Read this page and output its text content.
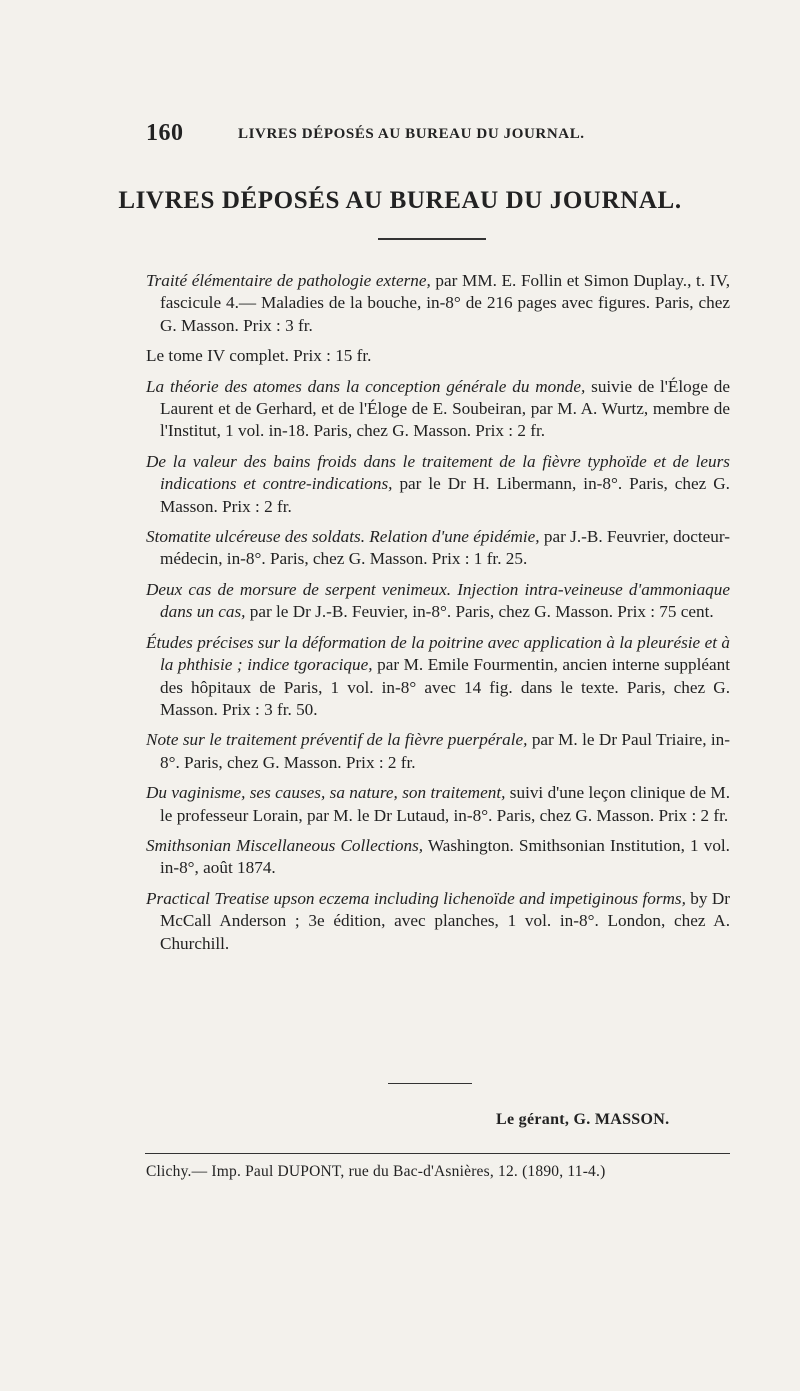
160	LIVRES DÉPOSÉS AU BUREAU DU JOURNAL.
LIVRES DÉPOSÉS AU BUREAU DU JOURNAL.

Traité élémentaire de pathologie externe, par MM. E. Follin et Simon Duplay., t. IV, fascicule 4.— Maladies de la bouche, in-8° de 216 pages avec figures. Paris, chez G. Masson. Prix : 3 fr.

Le tome IV complet. Prix : 15 fr.

La théorie des atomes dans la conception générale du monde, suivie de l'Éloge de Laurent et de Gerhard, et de l'Éloge de E. Soubeiran, par M. A. Wurtz, membre de l'Institut, 1 vol. in-18. Paris, chez G. Masson. Prix : 2 fr.

De la valeur des bains froids dans le traitement de la fièvre typhoïde et de leurs indications et contre-indications, par le Dr H. Libermann, in-8°. Paris, chez G. Masson. Prix : 2 fr.

Stomatite ulcéreuse des soldats. Relation d'une épidémie, par J.-B. Feuvrier, docteur-médecin, in-8°. Paris, chez G. Masson. Prix : 1 fr. 25.

Deux cas de morsure de serpent venimeux. Injection intra-veineuse d'ammoniaque dans un cas, par le Dr J.-B. Feuvier, in-8°. Paris, chez G. Masson. Prix : 75 cent.

Études précises sur la déformation de la poitrine avec application à la pleurésie et à la phthisie ; indice tgoracique, par M. Emile Fourmentin, ancien interne suppléant des hôpitaux de Paris, 1 vol. in-8° avec 14 fig. dans le texte. Paris, chez G. Masson. Prix : 3 fr. 50.

Note sur le traitement préventif de la fièvre puerpérale, par M. le Dr Paul Triaire, in-8°. Paris, chez G. Masson. Prix : 2 fr.

Du vaginisme, ses causes, sa nature, son traitement, suivi d'une leçon clinique de M. le professeur Lorain, par M. le Dr Lutaud, in-8°. Paris, chez G. Masson. Prix : 2 fr.

Smithsonian Miscellaneous Collections, Washington. Smithsonian Institution, 1 vol. in-8°, août 1874.

Practical Treatise upson eczema including lichenoïde and impetiginous forms, by Dr McCall Anderson ; 3e édition, avec planches, 1 vol. in-8°. London, chez A. Churchill.

Le gérant, G. MASSON.
Clichy.— Imp. Paul DUPONT, rue du Bac-d'Asnières, 12. (1890, 11-4.)
